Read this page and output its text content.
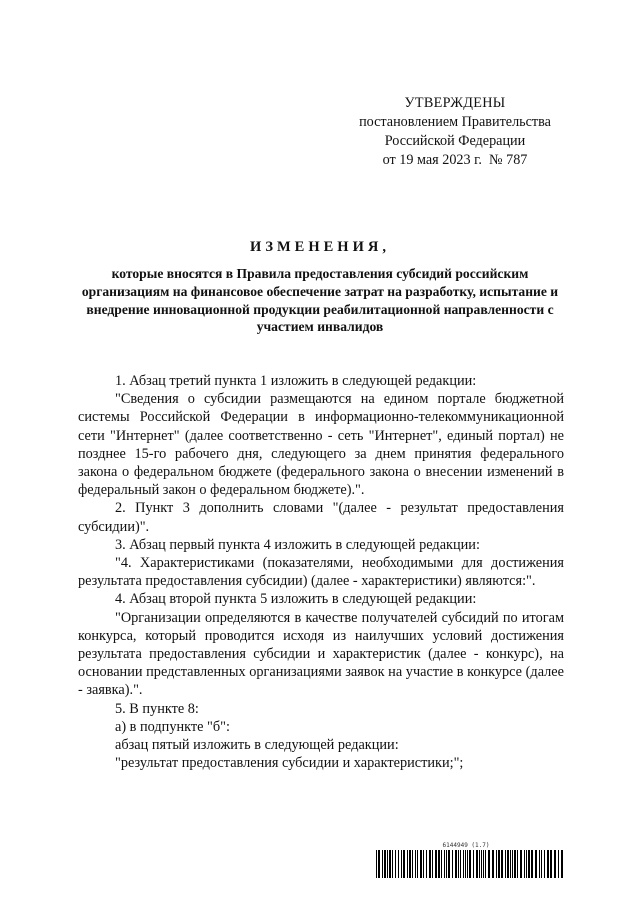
УТВЕРЖДЕНЫ
постановлением Правительства
Российской Федерации
от 19 мая 2023 г.  № 787
ИЗМЕНЕНИЯ,
которые вносятся в Правила предоставления субсидий российским организациям на финансовое обеспечение затрат на разработку, испытание и внедрение инновационной продукции реабилитационной направленности с участием инвалидов

1. Абзац третий пункта 1 изложить в следующей редакции:

"Сведения о субсидии размещаются на едином портале бюджетной системы Российской Федерации в информационно-телекоммуникационной сети "Интернет" (далее соответственно - сеть "Интернет", единый портал) не позднее 15-го рабочего дня, следующего за днем принятия федерального закона о федеральном бюджете (федерального закона о внесении изменений в федеральный закон о федеральном бюджете).".

2. Пункт 3 дополнить словами "(далее - результат предоставления субсидии)".

3. Абзац первый пункта 4 изложить в следующей редакции:

"4. Характеристиками (показателями, необходимыми для достижения результата предоставления субсидии) (далее - характеристики) являются:".

4. Абзац второй пункта 5 изложить в следующей редакции:

"Организации определяются в качестве получателей субсидий по итогам конкурса, который проводится исходя из наилучших условий достижения результата предоставления субсидии и характеристик (далее - конкурс), на основании представленных организациями заявок на участие в конкурсе (далее - заявка).".

5. В пункте 8:

а) в подпункте "б":

абзац пятый изложить в следующей редакции:

"результат предоставления субсидии и характеристики;";

6144949 (1.7)
